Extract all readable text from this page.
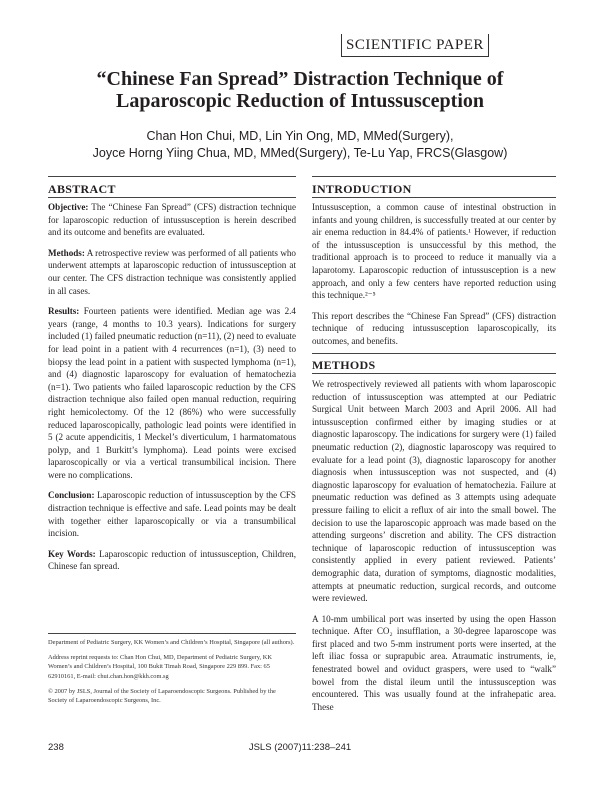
SCIENTIFIC PAPER
“Chinese Fan Spread” Distraction Technique of
Laparoscopic Reduction of Intussusception
Chan Hon Chui, MD, Lin Yin Ong, MD, MMed(Surgery),
Joyce Horng Yiing Chua, MD, MMed(Surgery), Te-Lu Yap, FRCS(Glasgow)
ABSTRACT

Objective: The “Chinese Fan Spread” (CFS) distraction technique for laparoscopic reduction of intussusception is herein described and its outcome and benefits are evaluated.

Methods: A retrospective review was performed of all patients who underwent attempts at laparoscopic reduction of intussusception at our center. The CFS distraction technique was consistently applied in all cases.

Results: Fourteen patients were identified. Median age was 2.4 years (range, 4 months to 10.3 years). Indications for surgery included (1) failed pneumatic reduction (n=11), (2) need to evaluate for lead point in a patient with 4 recurrences (n=1), (3) need to biopsy the lead point in a patient with suspected lymphoma (n=1), and (4) diagnostic laparoscopy for evaluation of hematochezia (n=1). Two patients who failed laparoscopic reduction by the CFS distraction technique also failed open manual reduction, requiring right hemicolectomy. Of the 12 (86%) who were successfully reduced laparoscopically, pathologic lead points were identified in 5 (2 acute appendicitis, 1 Meckel’s diverticulum, 1 harmatomatous polyp, and 1 Burkitt’s lymphoma). Lead points were excised laparoscopically or via a vertical transumbilical incision. There were no complications.

Conclusion: Laparoscopic reduction of intussusception by the CFS distraction technique is effective and safe. Lead points may be dealt with together either laparoscopically or via a transumbilical incision.

Key Words: Laparoscopic reduction of intussusception, Children, Chinese fan spread.

Department of Pediatric Surgery, KK Women’s and Children’s Hospital, Singapore (all authors).

Address reprint requests to: Chan Hon Chui, MD, Department of Pediatric Surgery, KK Women’s and Children’s Hospital, 100 Bukit Timah Road, Singapore 229 899. Fax: 65 62910161, E-mail: chui.chan.hon@kkh.com.sg

© 2007 by JSLS, Journal of the Society of Laparoendoscopic Surgeons. Published by the Society of Laparoendoscopic Surgeons, Inc.

INTRODUCTION

Intussusception, a common cause of intestinal obstruction in infants and young children, is successfully treated at our center by air enema reduction in 84.4% of patients.¹ However, if reduction of the intussusception is unsuccessful by this method, the traditional approach is to proceed to reduce it manually via a laparotomy. Laparoscopic reduction of intussusception is a new approach, and only a few centers have reported reduction using this technique.²⁻⁵

This report describes the “Chinese Fan Spread” (CFS) distraction technique of reducing intussusception laparoscopically, its outcomes, and benefits.

METHODS

We retrospectively reviewed all patients with whom laparoscopic reduction of intussusception was attempted at our Pediatric Surgical Unit between March 2003 and April 2006. All had intussusception confirmed either by imaging studies or at diagnostic laparoscopy. The indications for surgery were (1) failed pneumatic reduction (2), diagnostic laparoscopy was required to evaluate for a lead point (3), diagnostic laparoscopy for another diagnosis when intussusception was not suspected, and (4) diagnostic laparoscopy for evaluation of hematochezia. Failure at pneumatic reduction was defined as 3 attempts using adequate pressure failing to elicit a reflux of air into the small bowel. The decision to use the laparoscopic approach was made based on the attending surgeons’ discretion and ability. The CFS distraction technique of laparoscopic reduction of intussusception was consistently applied in every patient reviewed. Patients’ demographic data, duration of symptoms, diagnostic modalities, attempts at pneumatic reduction, surgical records, and outcome were reviewed.

A 10-mm umbilical port was inserted by using the open Hasson technique. After CO₂ insufflation, a 30-degree laparoscope was first placed and two 5-mm instrument ports were inserted, at the left iliac fossa or suprapubic area. Atraumatic instruments, ie, fenestrated bowel and oviduct graspers, were used to “walk” bowel from the distal ileum until the intussusception was encountered. This was usually found at the infrahepatic area. These

238	JSLS (2007)11:238–241
